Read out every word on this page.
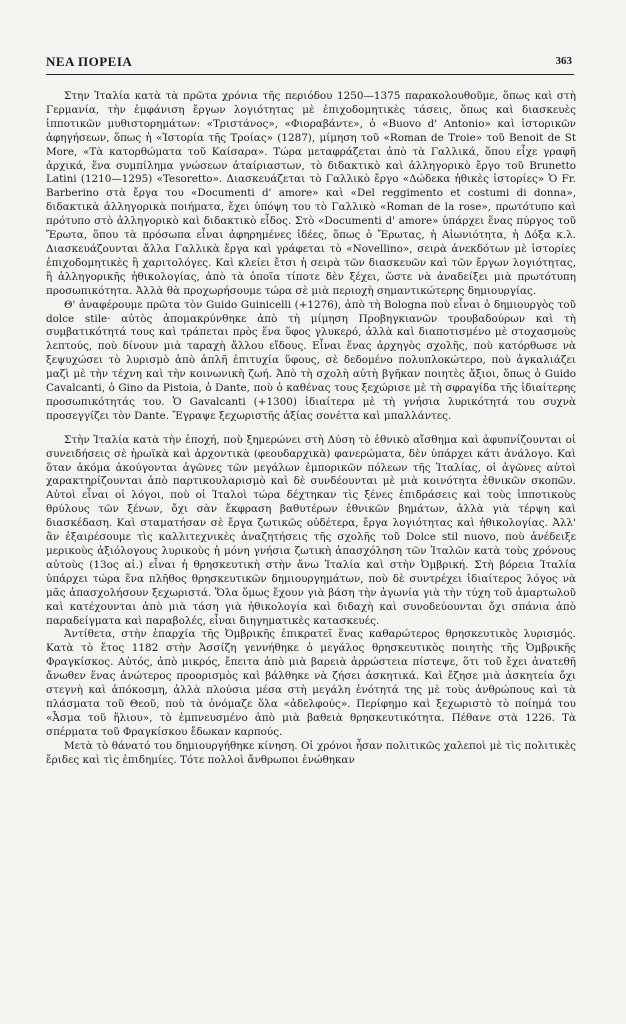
ΝΕΑ ΠΟΡΕΙΑ	363

Στην Ἰταλία κατὰ τὰ πρῶτα χρόνια τῆς περιόδου 1250—1375 παρακολουθοῦμε, ὅπως καὶ στὴ Γερμανία, τὴν ἐμφάνιση ἔργων λογιότητας μὲ ἐπιχοδομητικὲς τάσεις, ὅπως καὶ διασκευὲς ἱπποτικῶν μυθιστορημάτων: «Τριστάνος», «Φιοραβάντε», ὁ «Buovo d' Antonio» καὶ ἱστορικῶν ἀφηγήσεων, ὅπως ἡ «Ἱστορία τῆς Τροίας» (1287), μίμηση τοῦ «Roman de Troie» τοῦ Benoit de St More, «Τὰ κατορθώματα τοῦ Καίσαρα». Τώρα μεταφράζεται ἀπὸ τὰ Γαλλικά, ὅπου εἶχε γραφῆ ἀρχικά, ἕνα συμπίλημα γνώσεων ἀταίριαστων, τὸ διδακτικὸ καὶ ἀλληγορικὸ ἔργο τοῦ Brunetto Latini (1210—1295) «Tesoretto». Διασκευάζεται τὸ Γαλλικὸ ἔργο «Δώδεκα ἠθικὲς ἱστορίες» Ὁ Fr. Barberino στὰ ἔργα του «Documenti d' amore» καὶ «Del reggimento et costumi di donna», διδακτικὰ ἀλληγορικὰ ποιήματα, ἔχει ὑπόψη του τὸ Γαλλικὸ «Roman de la rose», πρωτότυπο καὶ πρότυπο στὸ ἀλληγορικὸ καὶ διδακτικὸ εἶδος. Στὸ «Documenti d' amore» ὑπάρχει ἕνας πύργος τοῦ Ἔρωτα, ὅπου τὰ πρόσωπα εἶναι ἀφηρημένες ἰδέες, ὅπως ὁ Ἔρωτας, ἡ Αἰωνιότητα, ἡ Δόξα κ.λ. Διασκευάζουνται ἄλλα Γαλλικὰ ἔργα καὶ γράφεται τὸ «Novellino», σειρὰ ἀνεκδότων μὲ ἱστορίες ἐπιχοδομητικὲς ἢ χαριτολόγες. Καὶ κλείει ἔτσι ἡ σειρὰ τῶν διασκευῶν καὶ τῶν ἔργων λογιότητας, ἢ ἀλληγορικῆς ἠθικολογίας, ἀπὸ τὰ ὁποῖα τίποτε δὲν ξέχει, ὥστε νὰ ἀναδείξει μιὰ πρωτότυπη προσωπικότητα. Ἀλλὰ θὰ προχωρήσουμε τώρα σὲ μιὰ περιοχὴ σημαντικώτερης δημιουργίας.

Θ' ἀναφέρουμε πρῶτα τὸν Guido Guinicelli (+1276), ἀπὸ τὴ Bologna ποὺ εἶναι ὁ δημιουργὸς τοῦ dolce stile· αὐτὸς ἀπομακρύνθηκε ἀπὸ τὴ μίμηση Προβηγκιανῶν τρουβαδούρων καὶ τὴ συμβατικότητά τους καὶ τράπεται πρὸς ἕνα ὕφος γλυκερό, ἀλλὰ καὶ διαποτισμένο μὲ στοχασμοὺς λεπτούς, ποὺ δίνουν μιὰ ταραχὴ ἄλλου εἴδους. Εἶναι ἕνας ἀρχηγὸς σχολῆς, ποὺ κατόρθωσε νὰ ξεψυχώσει τὸ λυρισμὸ ἀπὸ ἁπλῆ ἐπιτυχία ὕφους, σὲ δεδομένο πολυπλοκώτερο, ποὺ ἀγκαλιάζει μαζὶ μὲ τὴν τέχνη καὶ τὴν κοινωνικὴ ζωή. Ἀπὸ τὴ σχολὴ αὐτὴ βγῆκαν ποιητὲς ἄξιοι, ὅπως ὁ Guido Cavalcanti, ὁ Gino da Pistoia, ὁ Dante, ποὺ ὁ καθένας τους ξεχώρισε μὲ τὴ σφραγίδα τῆς ἰδιαίτερης προσωπικότητάς του. Ὁ Gavalcanti (+1300) ἰδιαίτερα μὲ τὴ γνήσια λυρικότητά του συχνὰ προσεγγίζει τὸν Dante. Ἔγραψε ξεχωριστῆς ἀξίας σονέττα καὶ μπαλλάντες.

Στὴν Ἰταλία κατὰ τὴν ἐποχή, ποὺ ξημερώνει στὴ Δύση τὸ ἐθνικὸ αἴσθημα καὶ ἀφυπνίζουνται οἱ συνειδήσεις σὲ ἡρωϊκὰ καὶ ἀρχοντικὰ (φεουδαρχικὰ) φανερώματα, δὲν ὑπάρχει κάτι ἀνάλογο. Καὶ ὅταν ἀκόμα ἀκούγονται ἀγῶνες τῶν μεγάλων ἐμπορικῶν πόλεων τῆς Ἰταλίας, οἱ ἀγῶνες αὐτοὶ χαρακτηρίζουνται ἀπὸ παρτικουλαρισμὸ καὶ δὲ συνδέουνται μὲ μιὰ κοινότητα ἐθνικῶν σκοπῶν. Αὐτοὶ εἶναι οἱ λόγοι, ποὺ οἱ Ἰταλοὶ τώρα δέχτηκαν τὶς ξένες ἐπιδράσεις καὶ τοὺς ἱπποτικοὺς θρύλους τῶν ξένων, ὄχι σὰν ἔκφραση βαθυτέρων ἐθνικῶν βημάτων, ἀλλὰ γιὰ τέρψη καὶ διασκέδαση. Καὶ σταματήσαν σὲ ἔργα ζωτικῶς οὐδέτερα, ἔργα λογιότητας καὶ ἠθικολογίας. Ἀλλ' ἂν ἐξαιρέσουμε τὶς καλλιτεχνικὲς ἀναζητήσεις τῆς σχολῆς τοῦ Dolce stil nuovo, ποὺ ἀνέδειξε μερικοὺς ἀξιόλογους λυρικοὺς ἡ μόνη γνήσια ζωτικὴ ἀπασχόληση τῶν Ἰταλῶν κατὰ τοὺς χρόνους αὐτοὺς (13ος αἰ.) εἶναι ἡ θρησκευτικὴ στὴν ἄνω Ἰταλία καὶ στὴν Ὀμβρική. Στὴ βόρεια Ἰταλία ὑπάρχει τώρα ἕνα πλῆθος θρησκευτικῶν δημιουργημάτων, ποὺ δὲ συντρέχει ἰδιαίτερος λόγος νὰ μᾶς ἀπασχολήσουν ξεχωριστά. Ὅλα ὅμως ἔχουν γιὰ βάση τὴν ἀγωνία γιὰ τὴν τύχη τοῦ ἁμαρτωλοῦ καὶ κατέχουνται ἀπὸ μιὰ τάση γιὰ ἠθικολογία καὶ διδαχὴ καὶ συνοδεύουνται ὄχι σπάνια ἀπὸ παραδείγματα καὶ παραβολές, εἶναι διηγηματικὲς κατασκευές.

Ἀντίθετα, στὴν ἐπαρχία τῆς Ὀμβρικῆς ἐπικρατεῖ ἕνας καθαρώτερος θρησκευτικὸς λυρισμός. Κατὰ τὸ ἔτος 1182 στὴν Ἀσσίζη γεννήθηκε ὁ μεγάλος θρησκευτικὸς ποιητὴς τῆς Ὀμβρικῆς Φραγκίσκος. Αὐτός, ἀπὸ μικρός, ἔπειτα ἀπὸ μιὰ βαρειὰ ἀρρώστεια πίστεψε, ὅτι τοῦ ἔχει ἀνατεθῆ ἄνωθεν ἕνας ἀνώτερος προορισμὸς καὶ βάλθηκε νὰ ζήσει ἀσκητικά. Καὶ ἔζησε μιὰ ἀσκητεία ὄχι στεγνὴ καὶ ἀπόκοσμη, ἀλλὰ πλούσια μέσα στὴ μεγάλη ἑνότητά της μὲ τοὺς ἀνθρώπους καὶ τὰ πλάσματα τοῦ Θεοῦ, ποὺ τὰ ὀνόμαζε ὅλα «ἀδελφούς». Περίφημο καὶ ξεχωριστὸ τὸ ποίημά του «Ἆσμα τοῦ ἥλιου», τὸ ἐμπνευσμένο ἀπὸ μιὰ βαθειὰ θρησκευτικότητα. Πέθανε στὰ 1226. Τὰ σπέρματα τοῦ Φραγκίσκου ἔδωκαν καρπούς.

Μετὰ τὸ θάνατό του δημιουργήθηκε κίνηση. Οἱ χρόνοι ἦσαν πολιτικῶς χαλεποὶ μὲ τὶς πολιτικὲς ἔριδες καὶ τὶς ἐπιδημίες. Τότε πολλοὶ ἄνθρωποι ἑνώθηκαν
